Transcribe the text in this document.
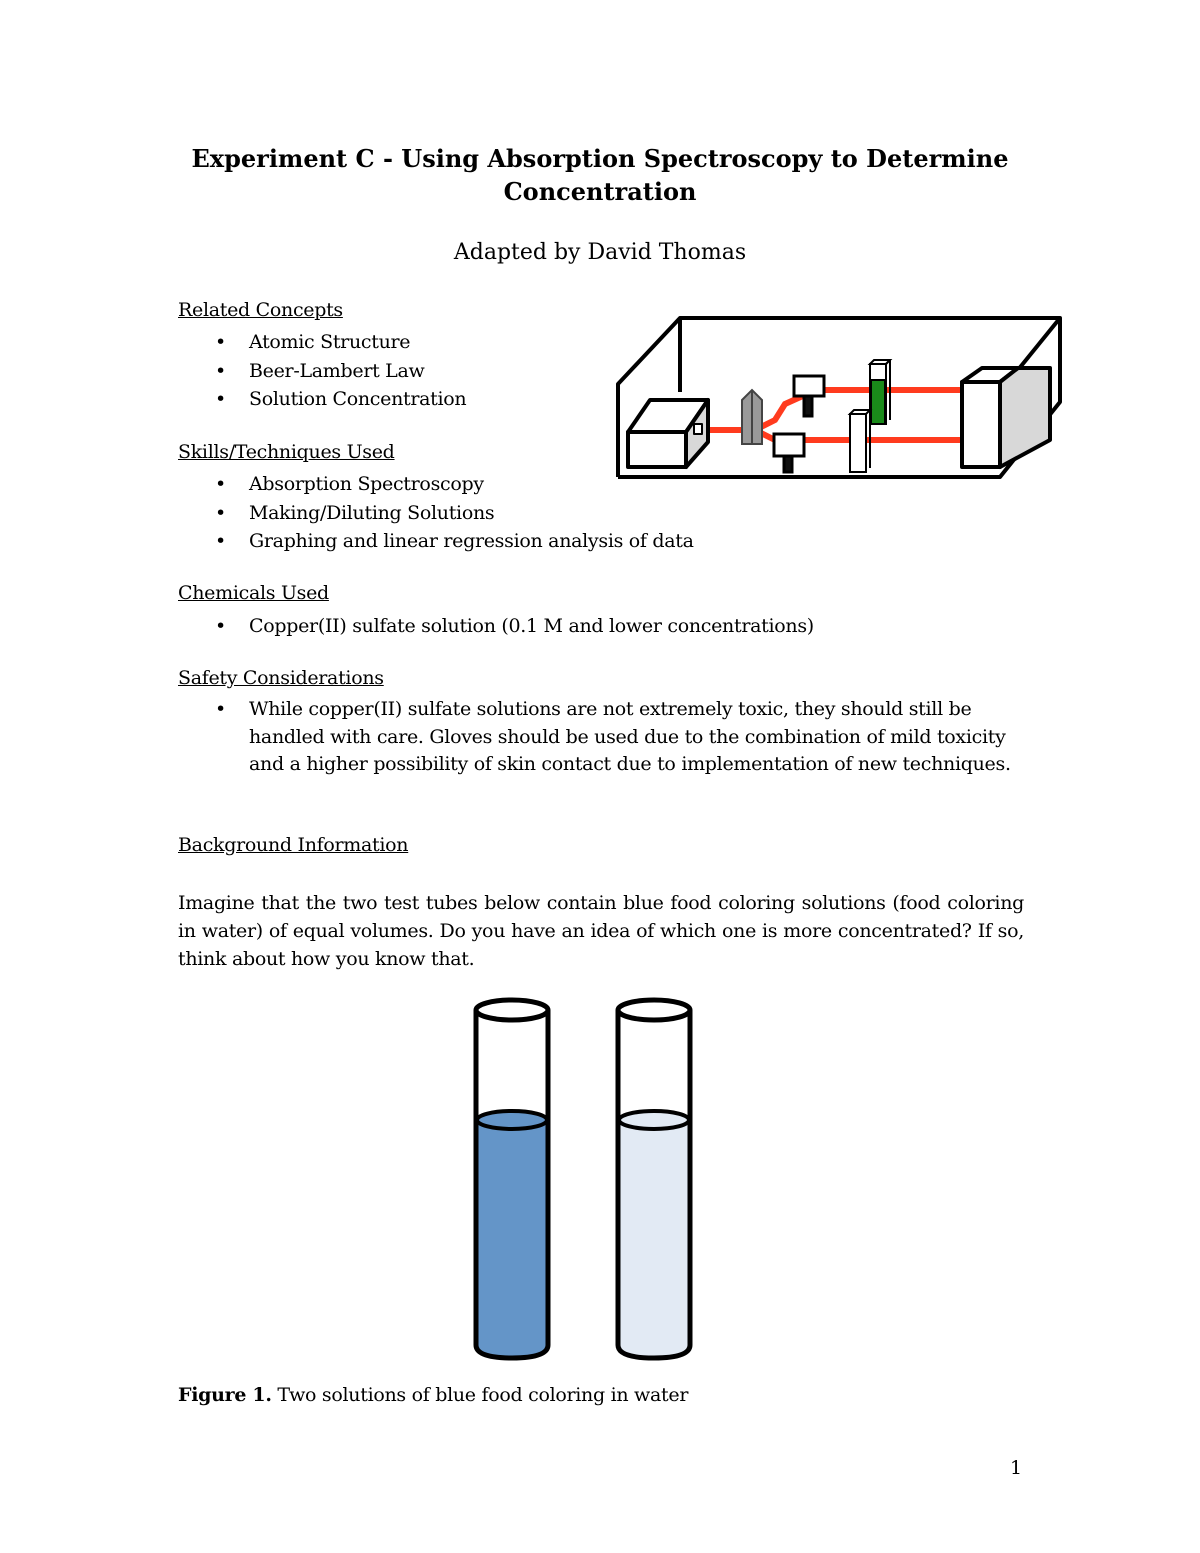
Experiment C - Using Absorption Spectroscopy to Determine
Concentration
Adapted by David Thomas
Related Concepts
• Atomic Structure
• Beer-Lambert Law
• Solution Concentration
Skills/Techniques Used
• Absorption Spectroscopy
• Making/Diluting Solutions
• Graphing and linear regression analysis of data
Chemicals Used
• Copper(II) sulfate solution (0.1 M and lower concentrations)
Safety Considerations
• While copper(II) sulfate solutions are not extremely toxic, they should still be handled with care. Gloves should be used due to the combination of mild toxicity and a higher possibility of skin contact due to implementation of new techniques.
Background Information

Imagine that the two test tubes below contain blue food coloring solutions (food coloring in water) of equal volumes. Do you have an idea of which one is more concentrated? If so, think about how you know that.

Figure 1. Two solutions of blue food coloring in water

1
